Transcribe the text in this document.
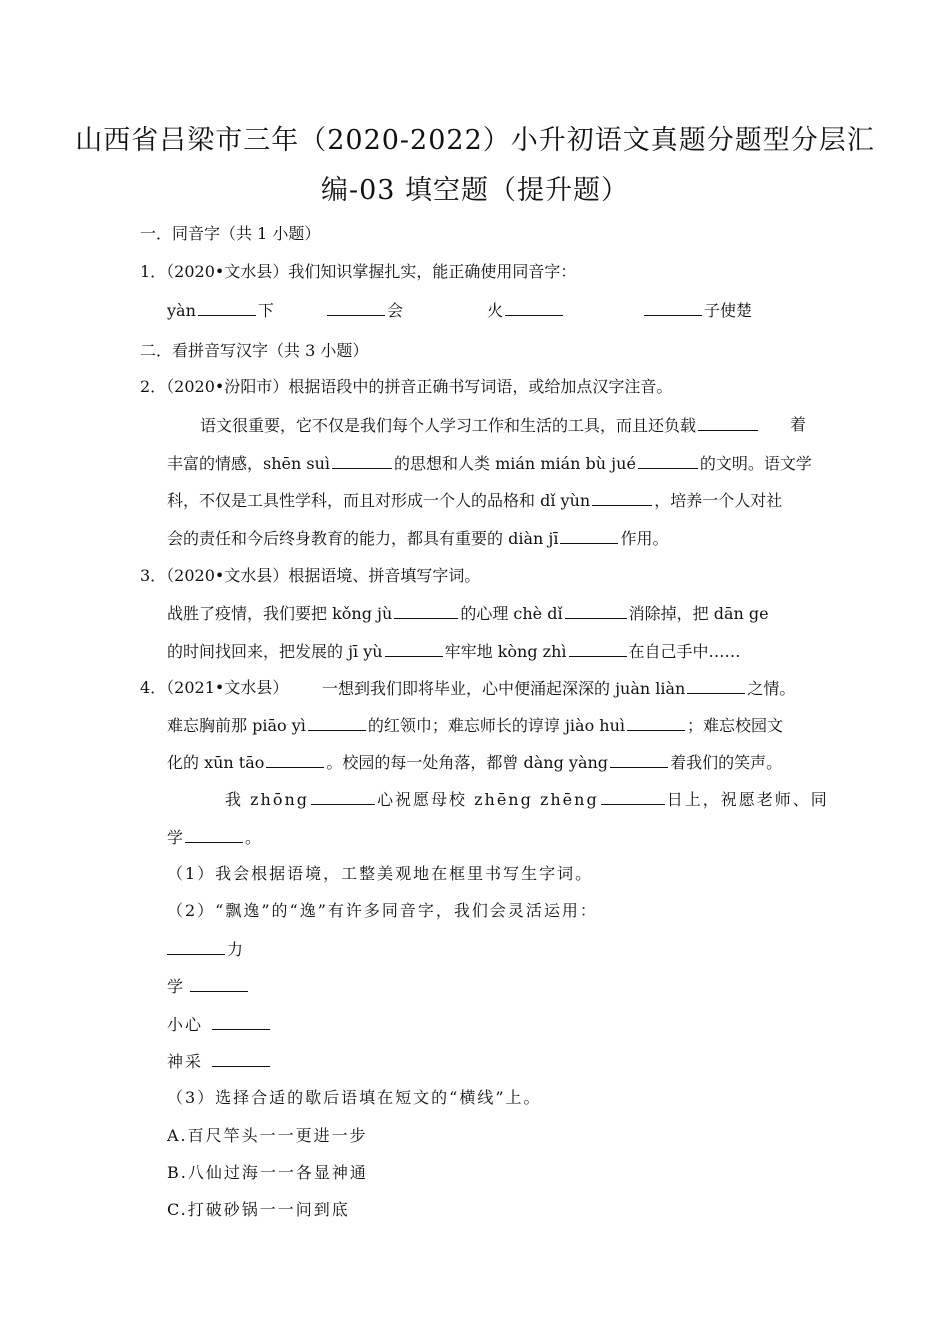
山西省吕梁市三年（2020-2022）小升初语文真题分题型分层汇
编-03 填空题（提升题）
一．同音字（共 1 小题）
1．（2020•文水县）我们知识掌握扎实，能正确使用同音字：
yàn	下	会	火	子使楚
二．看拼音写汉字（共 3 小题）
2．（2020•汾阳市）根据语段中的拼音正确书写词语，或给加点汉字注音。
语文很重要，它不仅是我们每个人学习工作和生活的工具，而且还负载	着
丰富的情感，shēn suì	的思想和人类 mián mián bù jué	的文明。语文学
科，不仅是工具性学科，而且对形成一个人的品格和 dǐ yùn	，培养一个人对社
会的责任和今后终身教育的能力，都具有重要的 diàn jī	作用。
3．（2020•文水县）根据语境、拼音填写字词。
战胜了疫情，我们要把 kǒng jù	的心理 chè dǐ	消除掉，把 dān ge
的时间找回来，把发展的 jī yù	牢牢地 kòng zhì	在自己手中……
4．（2021•文水县） 一想到我们即将毕业，心中便涌起深深的 juàn liàn	之情。
难忘胸前那 piāo yì	的红领巾；难忘师长的谆谆 jiào huì	；难忘校园文
化的 xūn tāo	。校园的每一处角落，都曾 dàng yàng	着我们的笑声。
我 zhōng	心祝愿母校 zhēng zhēng	日上，祝愿老师、同
学	。
（1）我会根据语境，工整美观地在框里书写生字词。
（2）“飘逸”的“逸”有许多同音字，我们会灵活运用：
力
学
小心
神采
（3）选择合适的歇后语填在短文的“横线”上。
A.百尺竿头一一更进一步
B.八仙过海一一各显神通
C.打破砂锅一一问到底
